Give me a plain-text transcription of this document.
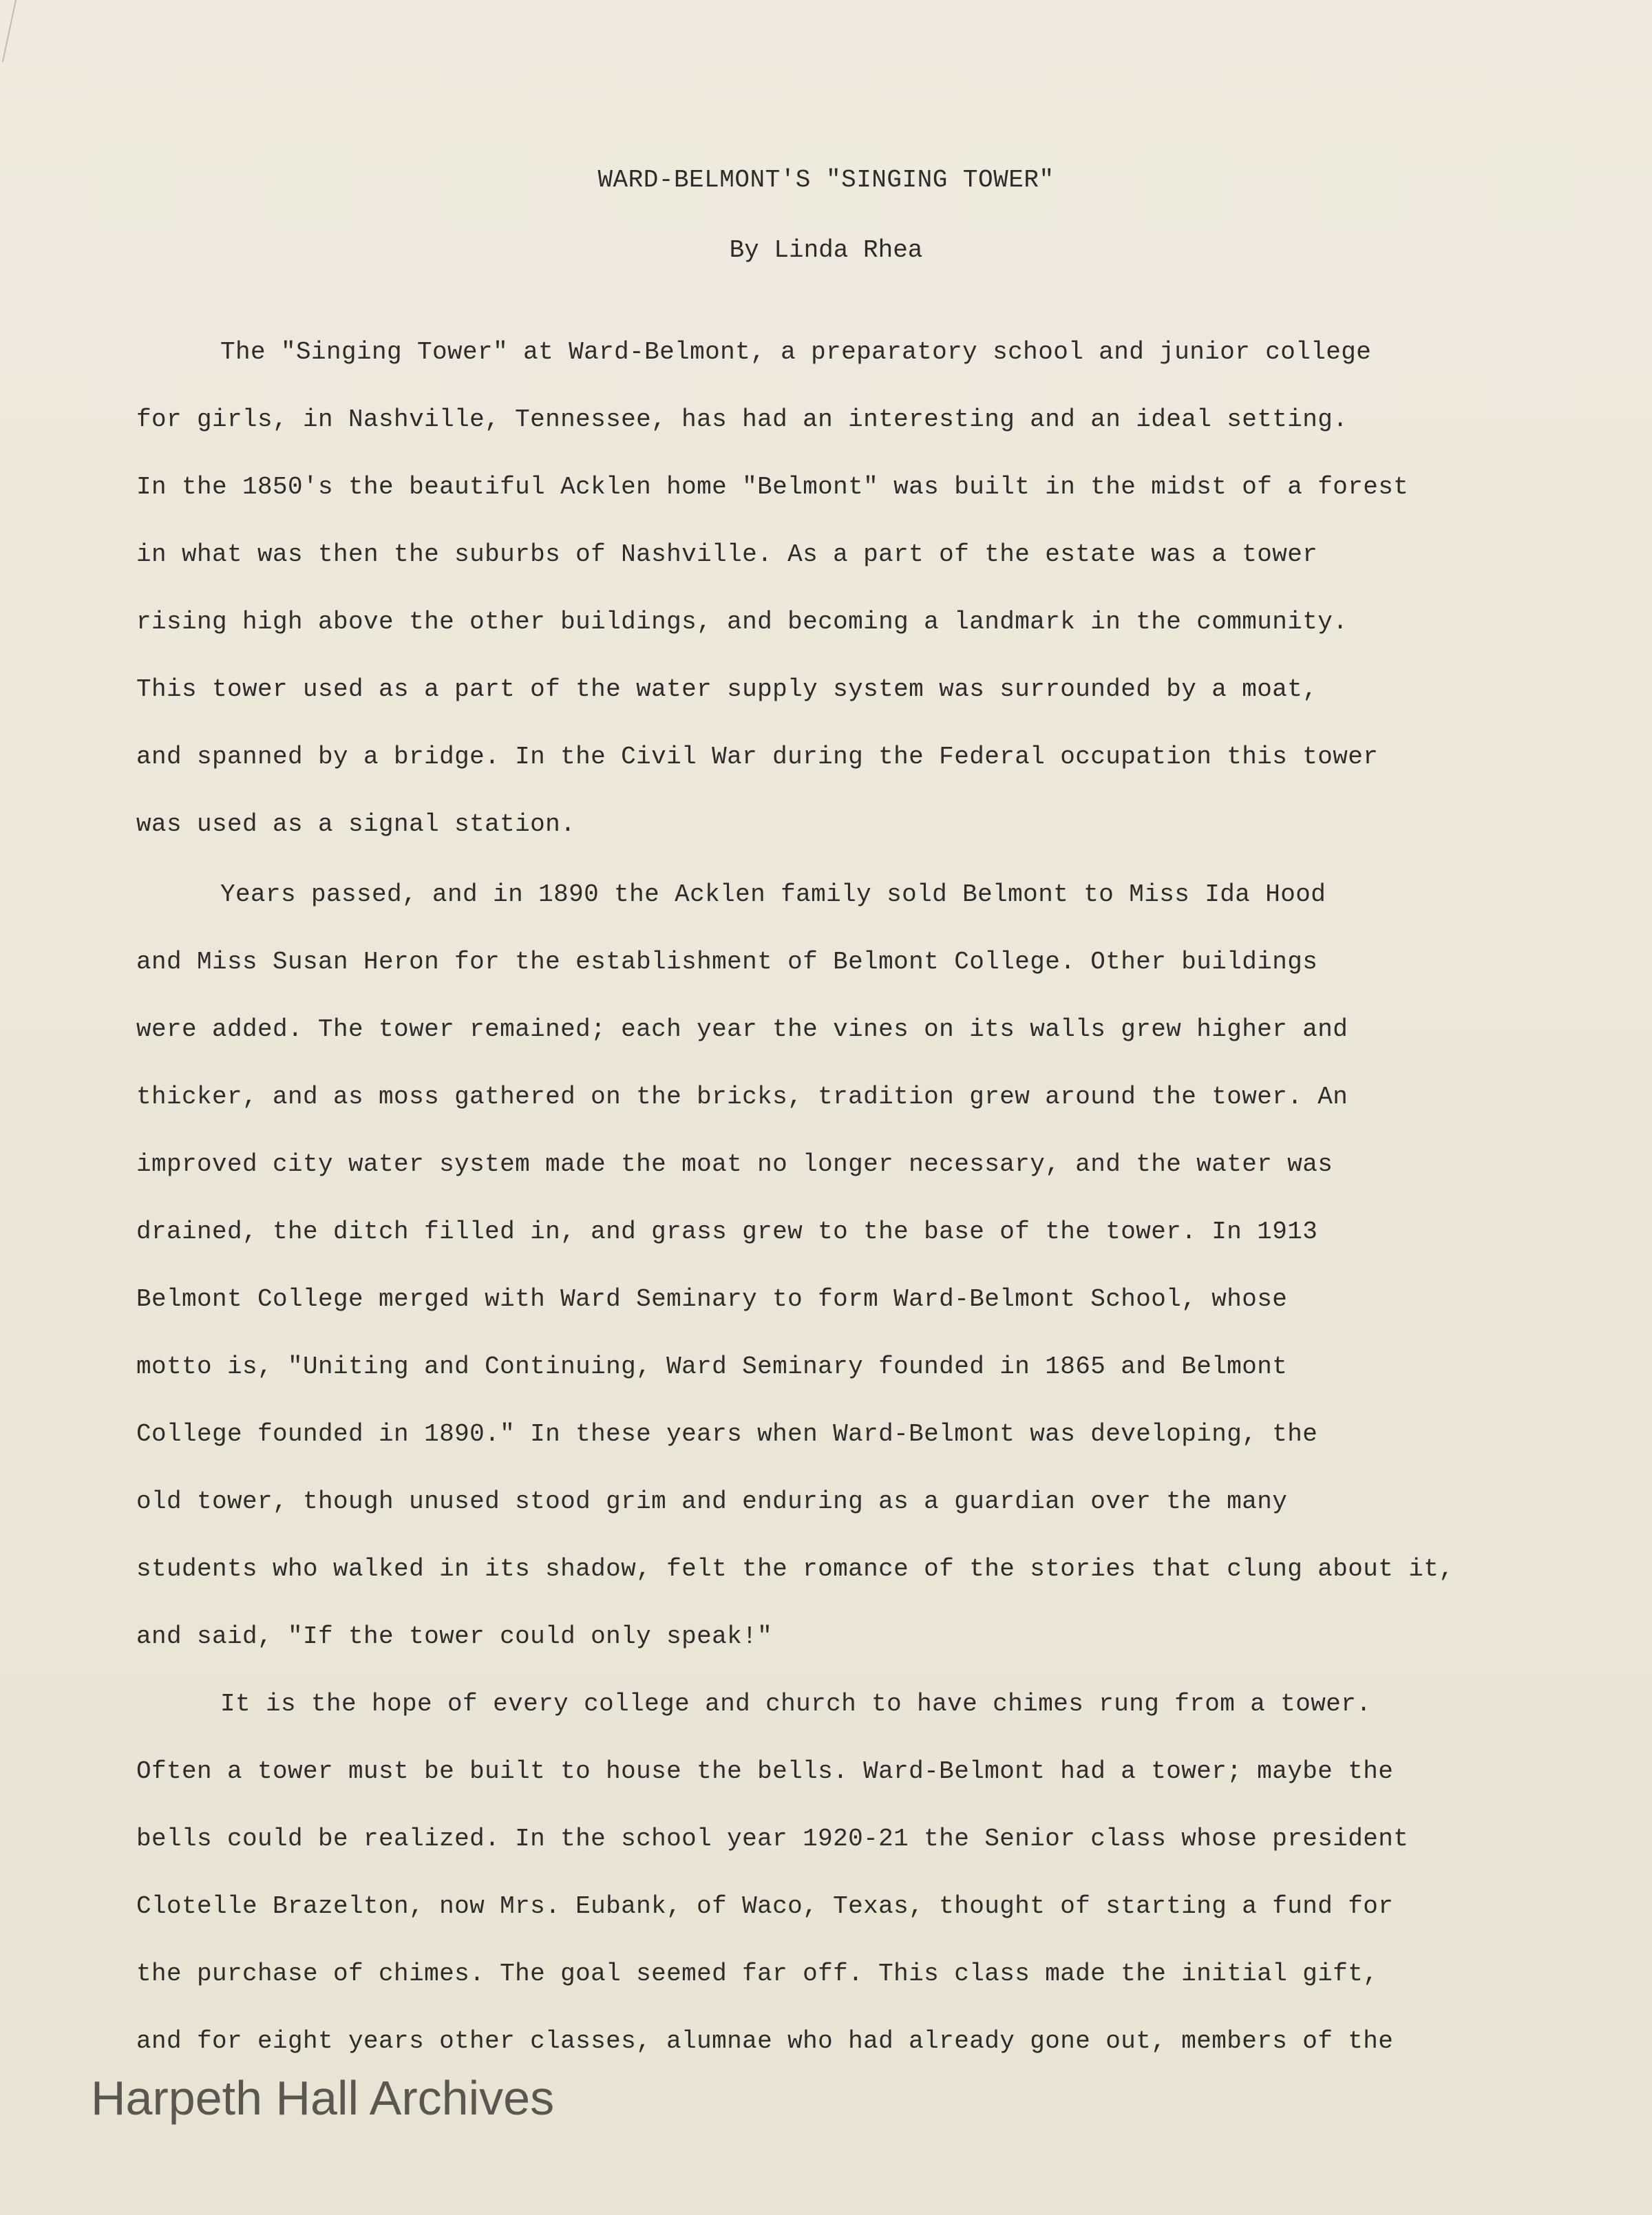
WARD-BELMONT'S "SINGING TOWER"
By Linda Rhea
The "Singing Tower" at Ward-Belmont, a preparatory school and junior college
for girls, in Nashville, Tennessee, has had an interesting and an ideal setting.
In the 1850's the beautiful Acklen home "Belmont" was built in the midst of a forest
in what was then the suburbs of Nashville. As a part of the estate was a tower
rising high above the other buildings, and becoming a landmark in the community.
This tower used as a part of the water supply system was surrounded by a moat,
and spanned by a bridge. In the Civil War during the Federal occupation this tower
was used as a signal station.
Years passed, and in 1890 the Acklen family sold Belmont to Miss Ida Hood
and Miss Susan Heron for the establishment of Belmont College. Other buildings
were added. The tower remained; each year the vines on its walls grew higher and
thicker, and as moss gathered on the bricks, tradition grew around the tower. An
improved city water system made the moat no longer necessary, and the water was
drained, the ditch filled in, and grass grew to the base of the tower. In 1913
Belmont College merged with Ward Seminary to form Ward-Belmont School, whose
motto is, "Uniting and Continuing, Ward Seminary founded in 1865 and Belmont
College founded in 1890." In these years when Ward-Belmont was developing, the
old tower, though unused stood grim and enduring as a guardian over the many
students who walked in its shadow, felt the romance of the stories that clung about it,
and said, "If the tower could only speak!"
It is the hope of every college and church to have chimes rung from a tower.
Often a tower must be built to house the bells. Ward-Belmont had a tower; maybe the
bells could be realized. In the school year 1920-21 the Senior class whose president
Clotelle Brazelton, now Mrs. Eubank, of Waco, Texas, thought of starting a fund for
the purchase of chimes. The goal seemed far off. This class made the initial gift,
and for eight years other classes, alumnae who had already gone out, members of the
Harpeth Hall Archives
